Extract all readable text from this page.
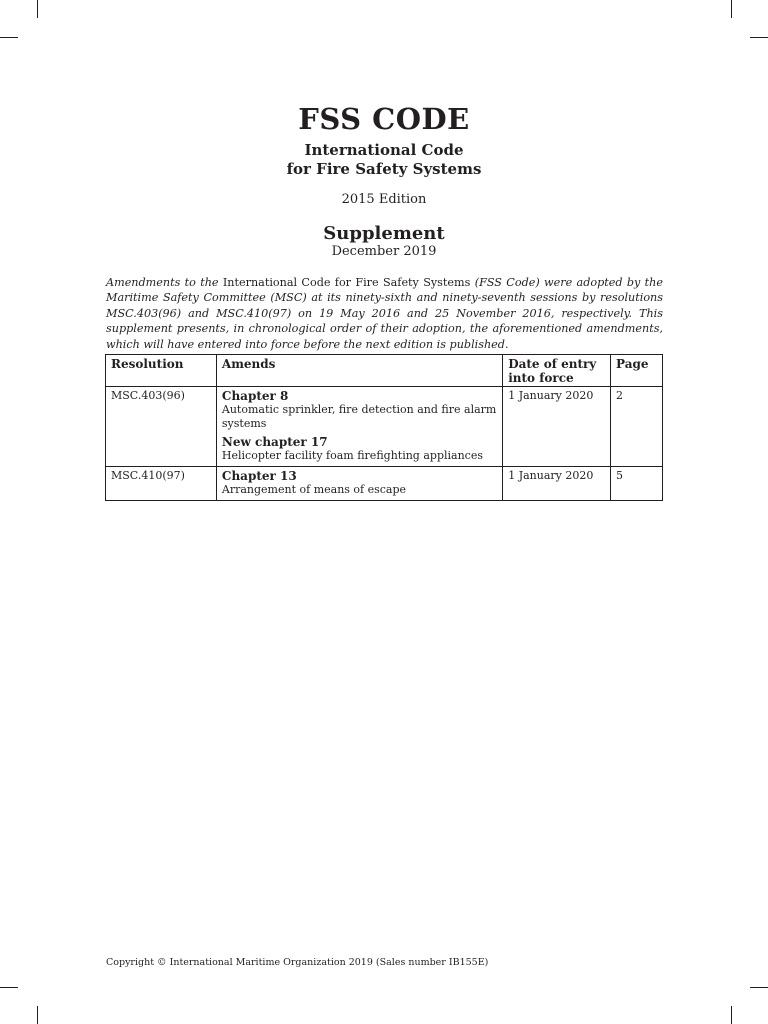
FSS CODE
International Code
for Fire Safety Systems
2015 Edition
Supplement
December 2019
Amendments to the International Code for Fire Safety Systems (FSS Code) were adopted by the Maritime Safety Committee (MSC) at its ninety-sixth and ninety-seventh sessions by resolutions MSC.403(96) and MSC.410(97) on 19 May 2016 and 25 November 2016, respectively. This supplement presents, in chronological order of their adoption, the aforementioned amendments, which will have entered into force before the next edition is published.
Resolution	Amends	Date of entry into force	Page
MSC.403(96)	Chapter 8
Automatic sprinkler, fire detection and fire alarm systems
New chapter 17
Helicopter facility foam firefighting appliances	1 January 2020	2
MSC.410(97)	Chapter 13
Arrangement of means of escape	1 January 2020	5
Copyright © International Maritime Organization 2019 (Sales number IB155E)
